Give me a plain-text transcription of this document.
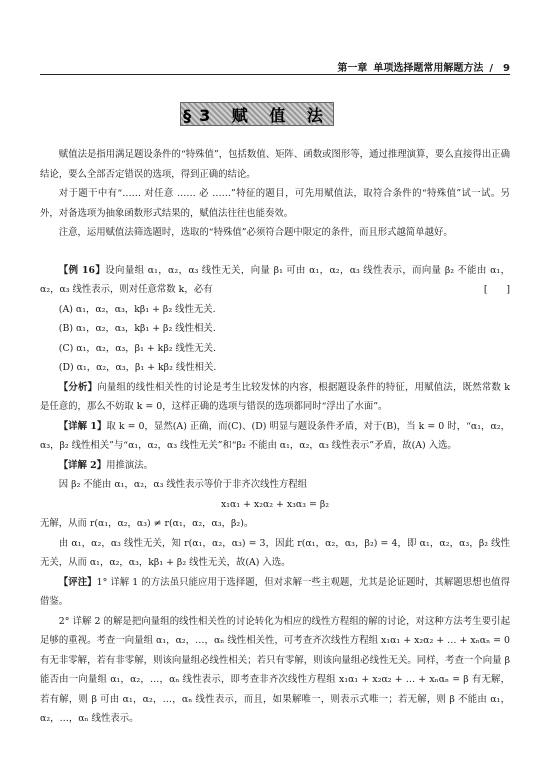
第一章 单项选择题常用解题方法 /　9
§3 赋 值 法

赋值法是指用满足题设条件的“特殊值”，包括数值、矩阵、函数或图形等，通过推理演算，要么直接得出正确结论，要么全部否定错误的选项，得到正确的结论。

对于题干中有“…… 对任意 …… 必 ……”特征的题目，可先用赋值法，取符合条件的“特殊值”试一试。另外，对备选项为抽象函数形式结果的，赋值法往往也能奏效。

注意，运用赋值法筛选题时，选取的“特殊值”必须符合题中限定的条件，而且形式越简单越好。

【例 16】设向量组 α₁，α₂，α₃ 线性无关，向量 β₁ 可由 α₁，α₂，α₃ 线性表示，而向量 β₂ 不能由 α₁，α₂，α₃ 线性表示，则对任意常数 k，必有	[　　]

(A) α₁，α₂，α₃，kβ₁ + β₂ 线性无关.

(B) α₁，α₂，α₃，kβ₁ + β₂ 线性相关.

(C) α₁，α₂，α₃，β₁ + kβ₂ 线性无关.

(D) α₁，α₂，α₃，β₁ + kβ₂ 线性相关.

【分析】向量组的线性相关性的讨论是考生比较发怵的内容，根据题设条件的特征，用赋值法，既然常数 k 是任意的，那么不妨取 k = 0，这样正确的选项与错误的选项都同时“浮出了水面”。

【详解 1】取 k = 0，显然(A) 正确，而(C)、(D) 明显与题设条件矛盾，对于(B)，当 k = 0 时，“α₁，α₂，α₃，β₂ 线性相关”与“α₁，α₂，α₃ 线性无关”和“β₂ 不能由 α₁，α₂，α₃ 线性表示”矛盾，故(A) 入选。

【详解 2】用推演法。

因 β₂ 不能由 α₁，α₂，α₃ 线性表示等价于非齐次线性方程组

x₁α₁ + x₂α₂ + x₃α₃ = β₂

无解，从而 r(α₁，α₂，α₃) ≠ r(α₁，α₂，α₃，β₂)。

由 α₁，α₂，α₃ 线性无关，知 r(α₁，α₂，α₃) = 3，因此 r(α₁，α₂，α₃，β₂) = 4，即 α₁，α₂，α₃，β₂ 线性无关，从而 α₁，α₂，α₃，kβ₁ + β₂ 线性无关，故(A) 入选。

【评注】1° 详解 1 的方法虽只能应用于选择题，但对求解一些主观题，尤其是论证题时，其解题思想也值得借鉴。

2° 详解 2 的解是把向量组的线性相关性的讨论转化为相应的线性方程组的解的讨论，对这种方法考生要引起足够的重视。考查一向量组 α₁，α₂，…，αₙ 线性相关性，可考查齐次线性方程组 x₁α₁ + x₂α₂ + … + xₙαₙ = 0 有无非零解，若有非零解，则该向量组必线性相关；若只有零解，则该向量组必线性无关。同样，考查一个向量 β 能否由一向量组 α₁，α₂，…，αₙ 线性表示，即考查非齐次线性方程组 x₁α₁ + x₂α₂ + … + xₙαₙ = β 有无解，若有解，则 β 可由 α₁，α₂，…，αₙ 线性表示，而且，如果解唯一，则表示式唯一；若无解，则 β 不能由 α₁，α₂，…，αₙ 线性表示。
